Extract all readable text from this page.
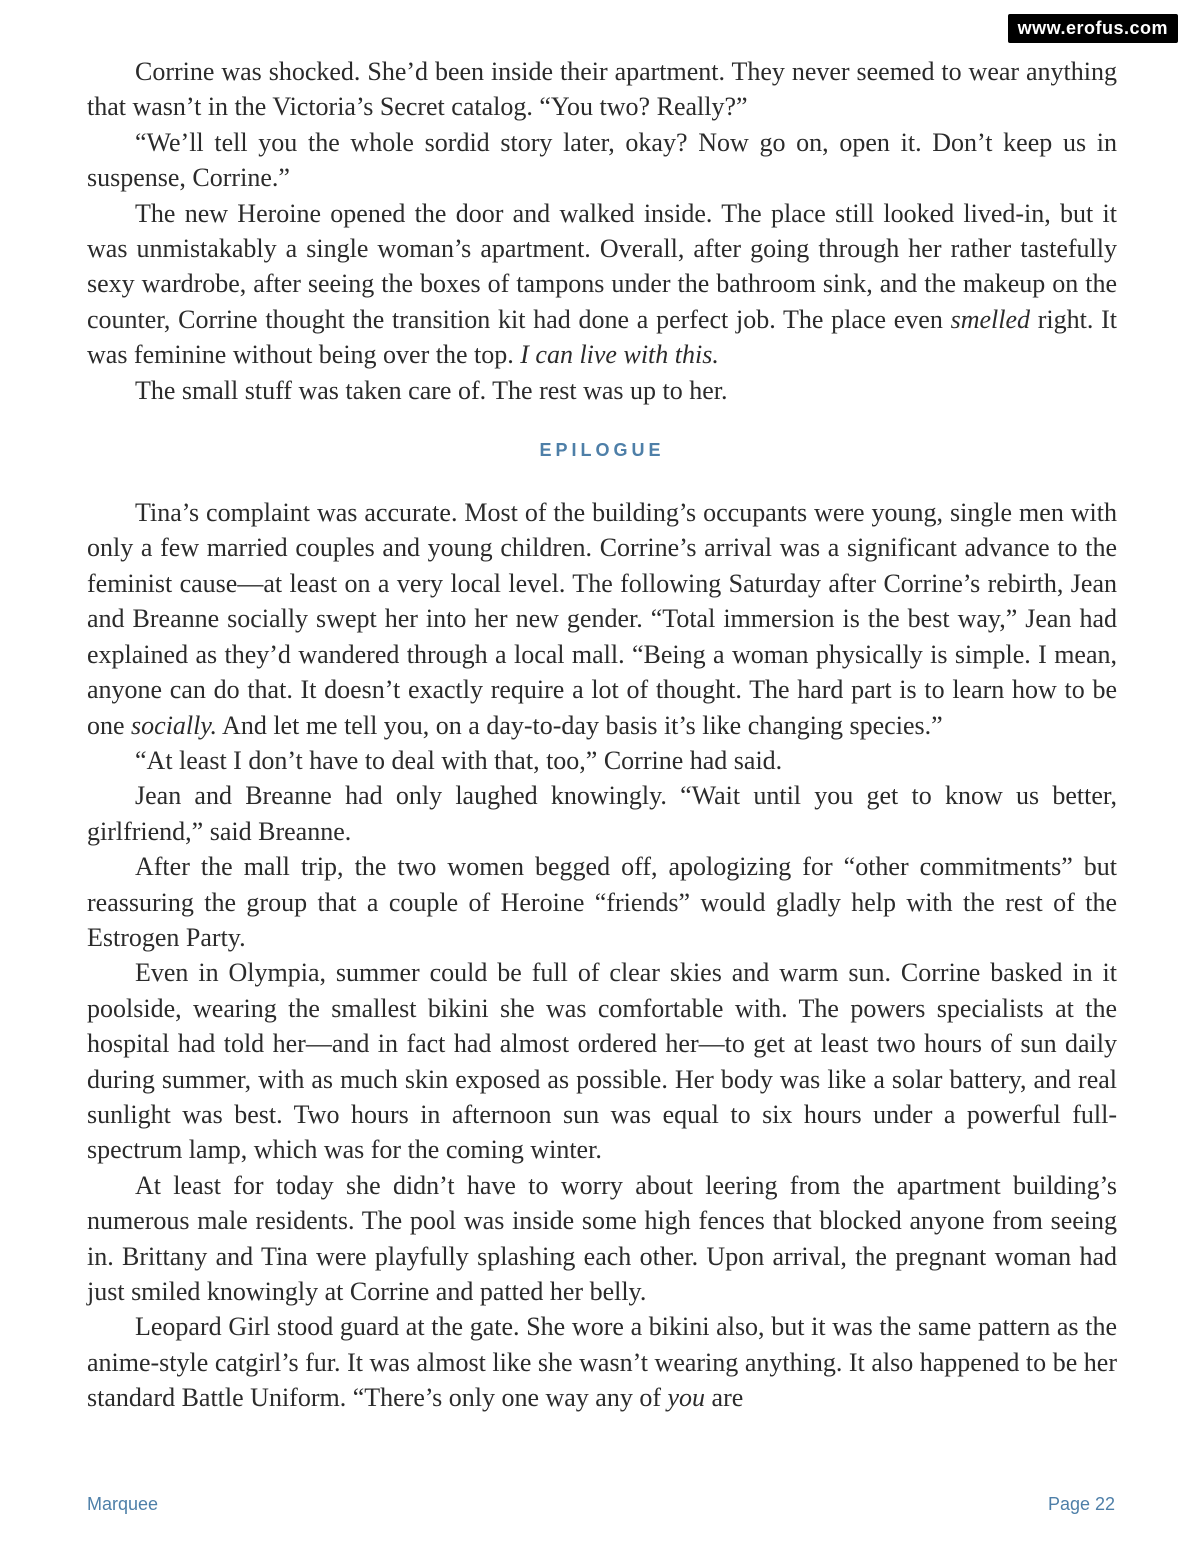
www.erofus.com

Corrine was shocked. She’d been inside their apartment. They never seemed to wear anything that wasn’t in the Victoria’s Secret catalog. “You two? Really?”

“We’ll tell you the whole sordid story later, okay? Now go on, open it. Don’t keep us in suspense, Corrine.”

The new Heroine opened the door and walked inside. The place still looked lived-in, but it was unmistakably a single woman’s apartment. Overall, after going through her rather tastefully sexy wardrobe, after seeing the boxes of tampons under the bathroom sink, and the makeup on the counter, Corrine thought the transition kit had done a perfect job. The place even smelled right. It was feminine without being over the top. I can live with this.

The small stuff was taken care of. The rest was up to her.

EPILOGUE

Tina’s complaint was accurate. Most of the building’s occupants were young, single men with only a few married couples and young children. Corrine’s arrival was a significant advance to the feminist cause—at least on a very local level. The following Saturday after Corrine’s rebirth, Jean and Breanne socially swept her into her new gender. “Total immersion is the best way,” Jean had explained as they’d wandered through a local mall. “Being a woman physically is simple. I mean, anyone can do that. It doesn’t exactly require a lot of thought. The hard part is to learn how to be one socially. And let me tell you, on a day-to-day basis it’s like changing species.”

“At least I don’t have to deal with that, too,” Corrine had said.

Jean and Breanne had only laughed knowingly. “Wait until you get to know us better, girlfriend,” said Breanne.

After the mall trip, the two women begged off, apologizing for “other commitments” but reassuring the group that a couple of Heroine “friends” would gladly help with the rest of the Estrogen Party.

Even in Olympia, summer could be full of clear skies and warm sun. Corrine basked in it poolside, wearing the smallest bikini she was comfortable with. The powers specialists at the hospital had told her—and in fact had almost ordered her—to get at least two hours of sun daily during summer, with as much skin exposed as possible. Her body was like a solar battery, and real sunlight was best. Two hours in afternoon sun was equal to six hours under a powerful full-spectrum lamp, which was for the coming winter.

At least for today she didn’t have to worry about leering from the apartment building’s numerous male residents. The pool was inside some high fences that blocked anyone from seeing in. Brittany and Tina were playfully splashing each other. Upon arrival, the pregnant woman had just smiled knowingly at Corrine and patted her belly.

Leopard Girl stood guard at the gate. She wore a bikini also, but it was the same pattern as the anime-style catgirl’s fur. It was almost like she wasn’t wearing anything. It also happened to be her standard Battle Uniform. “There’s only one way any of you are

Marquee	Page 22
